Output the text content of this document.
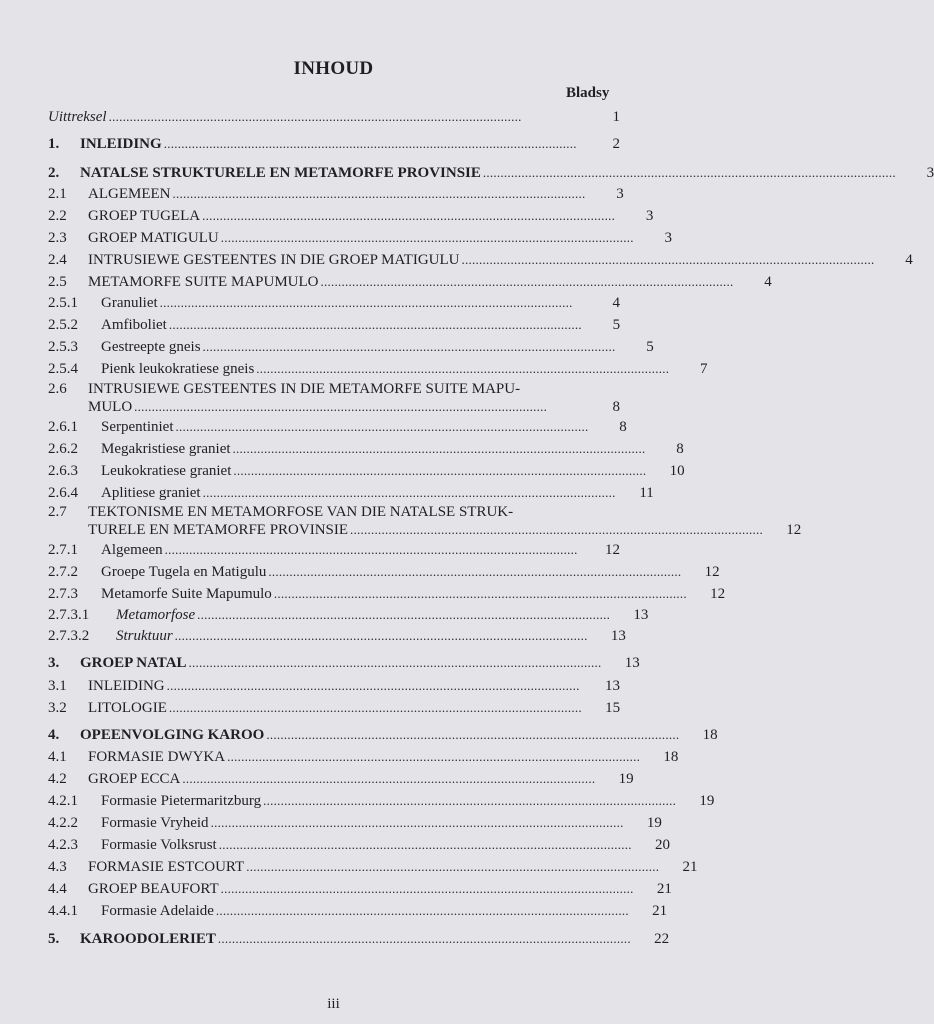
INHOUD
Bladsy
Uittreksel . . .	1
1.	INLEIDING . . .	2
2.	NATALSE STRUKTURELE EN METAMORFE PROVINSIE . . .	3
2.1	ALGEMEEN . . .	3
2.2	GROEP TUGELA . . .	3
2.3	GROEP MATIGULU . . .	3
2.4	INTRUSIEWE GESTEENTES IN DIE GROEP MATIGULU . . .	4
2.5	METAMORFE SUITE MAPUMULO . . .	4
2.5.1	Granuliet . . .	4
2.5.2	Amfiboliet . . .	5
2.5.3	Gestreepte gneis . . .	5
2.5.4	Pienk leukokratiese gneis . . .	7
2.6	INTRUSIEWE GESTEENTES IN DIE METAMORFE SUITE MAPU-
MULO . . .	8
2.6.1	Serpentiniet . . .	8
2.6.2	Megakristiese graniet . . .	8
2.6.3	Leukokratiese graniet . . .	10
2.6.4	Aplitiese graniet . . .	11
2.7	TEKTONISME EN METAMORFOSE VAN DIE NATALSE STRUK-
TURELE EN METAMORFE PROVINSIE . . .	12
2.7.1	Algemeen . . .	12
2.7.2	Groepe Tugela en Matigulu . . .	12
2.7.3	Metamorfe Suite Mapumulo . . .	12
2.7.3.1	Metamorfose . . .	13
2.7.3.2	Struktuur . . .	13
3.	GROEP NATAL . . .	13
3.1	INLEIDING . . .	13
3.2	LITOLOGIE . . .	15
4.	OPEENVOLGING KAROO . . .	18
4.1	FORMASIE DWYKA . . .	18
4.2	GROEP ECCA . . .	19
4.2.1	Formasie Pietermaritzburg . . .	19
4.2.2	Formasie Vryheid . . .	19
4.2.3	Formasie Volksrust . . .	20
4.3	FORMASIE ESTCOURT . . .	21
4.4	GROEP BEAUFORT . . .	21
4.4.1	Formasie Adelaide . . .	21
5.	KAROODOLERIET . . .	22
iii
